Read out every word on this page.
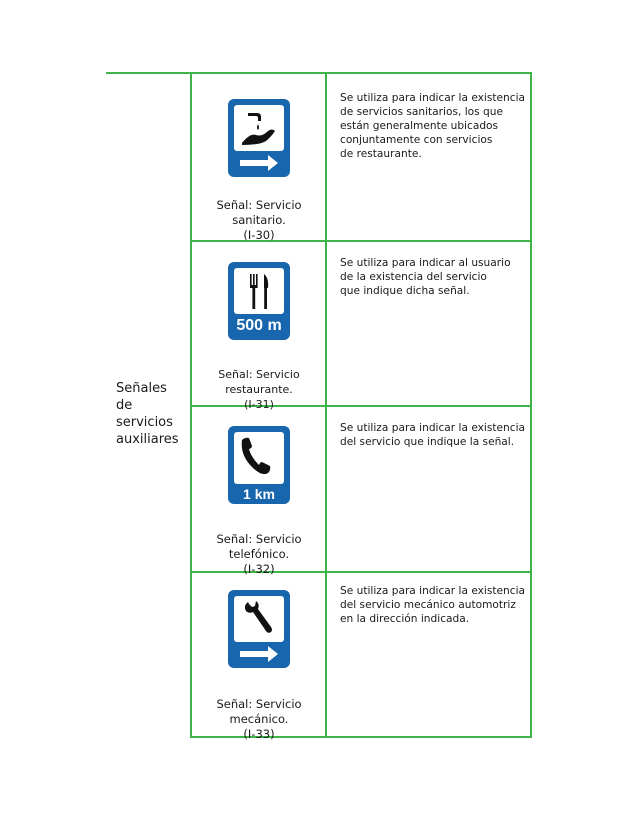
Señales de servicios auxiliares
Señal: Servicio sanitario.
(I-30)
Se utiliza para indicar la existencia
de servicios sanitarios, los que
están generalmente ubicados
conjuntamente con servicios
de restaurante.
500 m
Señal: Servicio restaurante.
(I-31)
Se utiliza para indicar al usuario
de la existencia del servicio
que indique dicha señal.
1 km
Señal: Servicio telefónico.
(I-32)
Se utiliza para indicar la existencia
del servicio que indique la señal.
Señal: Servicio mecánico.
(I-33)
Se utiliza para indicar la existencia
del servicio mecánico automotriz
en la dirección indicada.
